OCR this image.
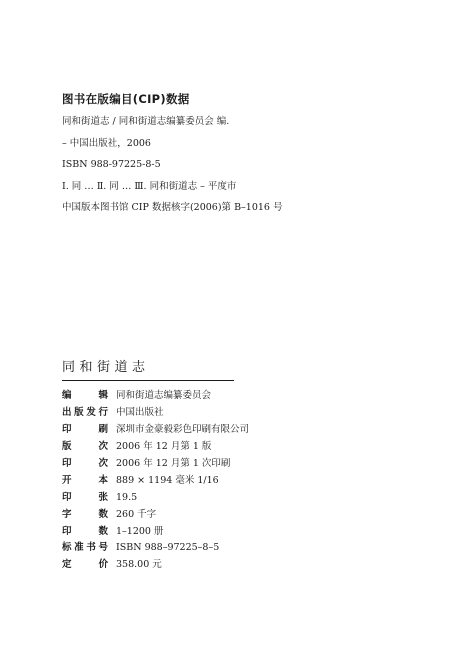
图书在版编目(CIP)数据
同和街道志 / 同和街道志编纂委员会 编.
– 中国出版社，2006
ISBN 988-97225-8-5
Ⅰ. 同 … Ⅱ. 同 … Ⅲ. 同和街道志 – 平度市
中国版本图书馆 CIP 数据核字(2006)第 B–1016 号
同和街道志
编	辑 同和街道志编纂委员会
出 版 发 行 中国出版社
印	刷 深圳市金豪毅彩色印刷有限公司
版	次 2006 年 12 月第 1 版
印	次 2006 年 12 月第 1 次印刷
开	本 889 × 1194 毫米 1/16
印	张 19.5
字	数 260 千字
印	数 1–1200 册
标 准 书 号 ISBN 988–97225–8–5
定	价 358.00 元
